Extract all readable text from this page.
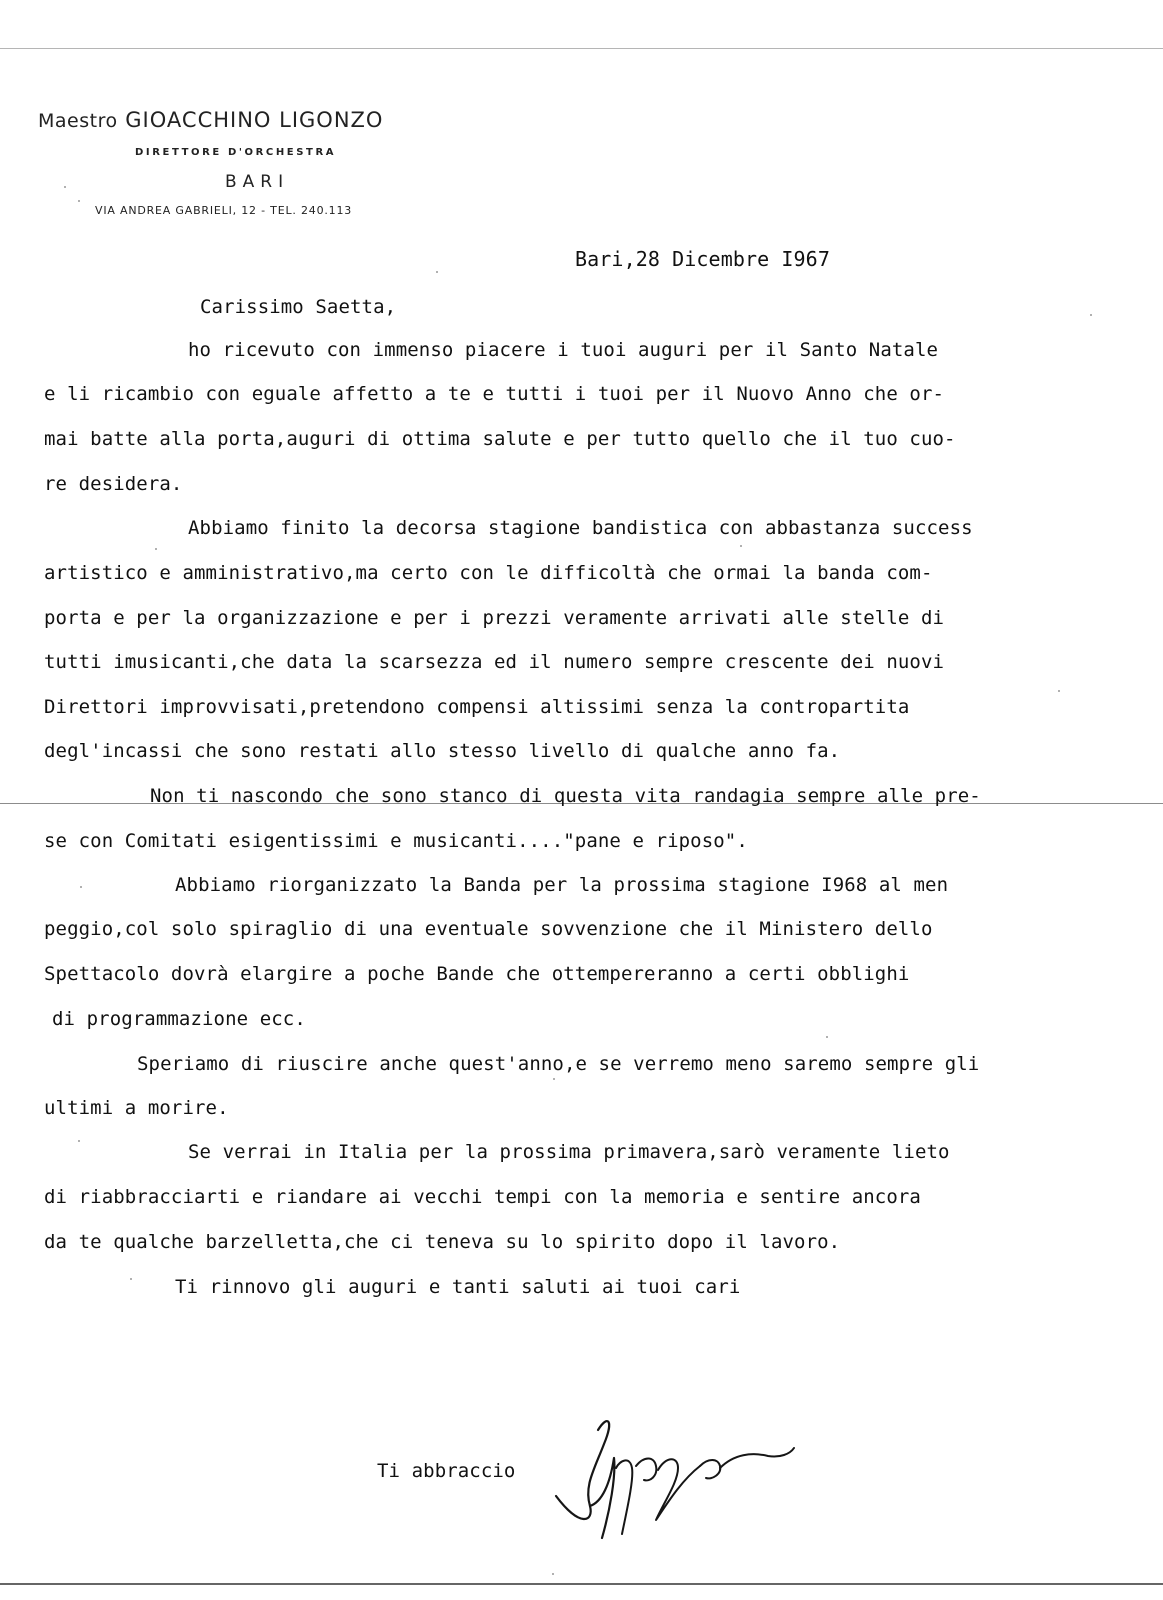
Maestro GIOACCHINO LIGONZO
DIRETTORE D'ORCHESTRA
BARI
VIA ANDREA GABRIELI, 12 - TEL. 240.113
Bari,28 Dicembre I967
Carissimo Saetta,
ho ricevuto con immenso piacere i tuoi auguri per il Santo Natale
e li ricambio con eguale affetto a te e tutti i tuoi per il Nuovo Anno che or-
mai batte alla porta,auguri di ottima salute e per tutto quello che il tuo cuo-
re desidera.
Abbiamo finito la decorsa stagione bandistica con abbastanza success
artistico e amministrativo,ma certo con le difficoltà che ormai la banda com-
porta e per la organizzazione e per i prezzi veramente arrivati alle stelle di
tutti imusicanti,che data la scarsezza ed il numero sempre crescente dei nuovi
Direttori improvvisati,pretendono compensi altissimi senza la contropartita
degl'incassi che sono restati allo stesso livello di qualche anno fa.
Non ti nascondo che sono stanco di questa vita randagia sempre alle pre-
se con Comitati esigentissimi e musicanti...."pane e riposo".
Abbiamo riorganizzato la Banda per la prossima stagione I968 al men
peggio,col solo spiraglio di una eventuale sovvenzione che il Ministero dello
Spettacolo dovrà elargire a poche Bande che ottempereranno a certi obblighi
di programmazione ecc.
Speriamo di riuscire anche quest'anno,e se verremo meno saremo sempre gli
ultimi a morire.
Se verrai in Italia per la prossima primavera,sarò veramente lieto
di riabbracciarti e riandare ai vecchi tempi con la memoria e sentire ancora
da te qualche barzelletta,che ci teneva su lo spirito dopo il lavoro.
Ti rinnovo gli auguri e tanti saluti ai tuoi cari
Ti abbraccio
